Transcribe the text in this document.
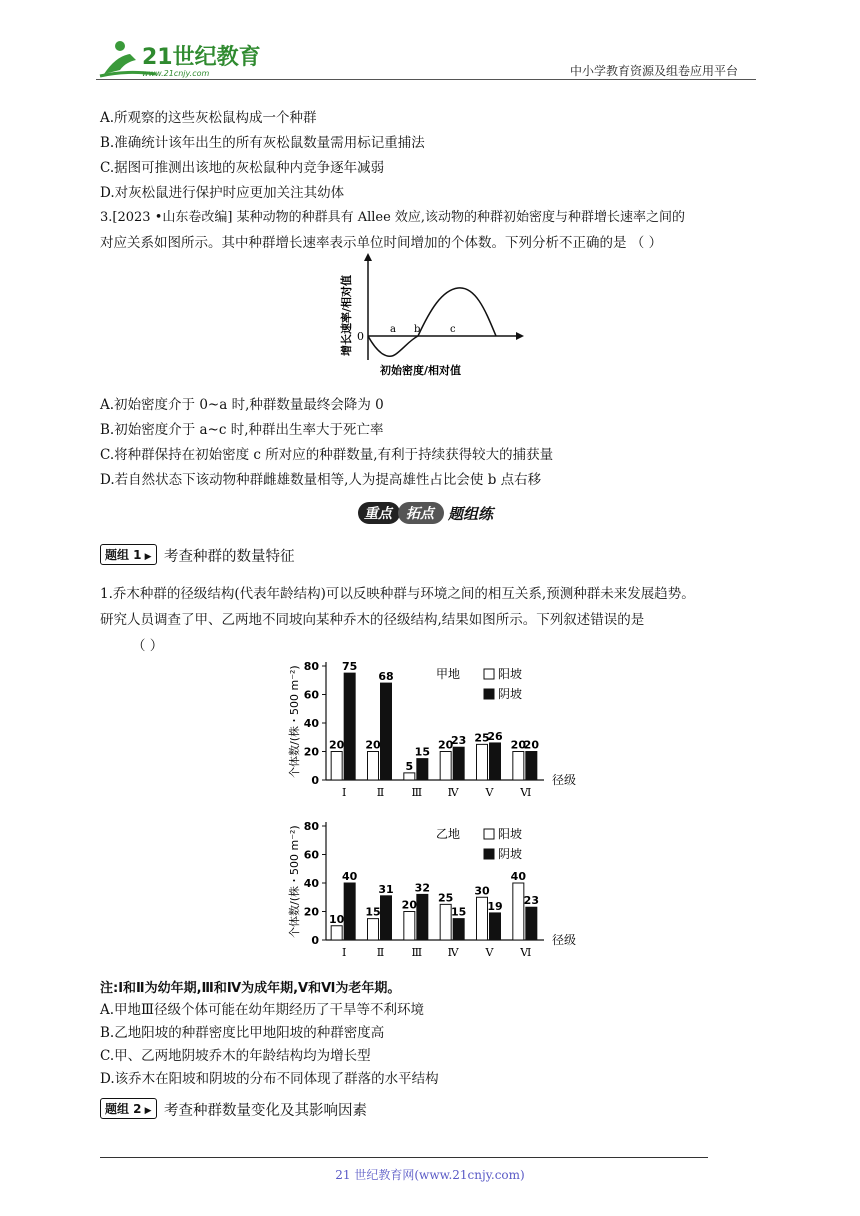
21世纪教育
www.21cnjy.com	中小学教育资源及组卷应用平台
A.所观察的这些灰松鼠构成一个种群
B.准确统计该年出生的所有灰松鼠数量需用标记重捕法
C.据图可推测出该地的灰松鼠种内竞争逐年减弱
D.对灰松鼠进行保护时应更加关注其幼体
3.[2023 •山东卷改编] 某种动物的种群具有 Allee 效应,该动物的种群初始密度与种群增长速率之间的
对应关系如图所示。其中种群增长速率表示单位时间增加的个体数。下列分析不正确的是 （ ）
0
a b	c
增长速率/相对值
初始密度/相对值
A.初始密度介于 0~a 时,种群数量最终会降为 0
B.初始密度介于 a~c 时,种群出生率大于死亡率
C.将种群保持在初始密度 c 所对应的种群数量,有利于持续获得较大的捕获量
D.若自然状态下该动物种群雌雄数量相等,人为提高雄性占比会使 b 点右移
重点 拓点 题组练
题组 1 ▶ 考查种群的数量特征
1.乔木种群的径级结构(代表年龄结构)可以反映种群与环境之间的相互关系,预测种群未来发展趋势。
研究人员调查了甲、乙两地不同坡向某种乔木的径级结构,结果如图所示。下列叙述错误的是
（ ）
0
20
40
60
80
个体数/(株・500 m⁻²)
径级
甲地
20
75
Ⅰ
20
68
Ⅱ
5
15
Ⅲ
20
23
Ⅳ
25
26
Ⅴ
20
20
Ⅵ
阳坡
阴坡
0
20
40
60
80
个体数/(株・500 m⁻²)
径级
乙地
10
40
Ⅰ
15
31
Ⅱ
20
32
Ⅲ
25
15
Ⅳ
30
19
Ⅴ
40
23
Ⅵ
阳坡
阴坡
注:Ⅰ和Ⅱ为幼年期,Ⅲ和Ⅳ为成年期,Ⅴ和Ⅵ为老年期。
A.甲地Ⅲ径级个体可能在幼年期经历了干旱等不利环境
B.乙地阳坡的种群密度比甲地阳坡的种群密度高
C.甲、乙两地阴坡乔木的年龄结构均为增长型
D.该乔木在阳坡和阴坡的分布不同体现了群落的水平结构
题组 2 ▶ 考查种群数量变化及其影响因素
21 世纪教育网(www.21cnjy.com)
